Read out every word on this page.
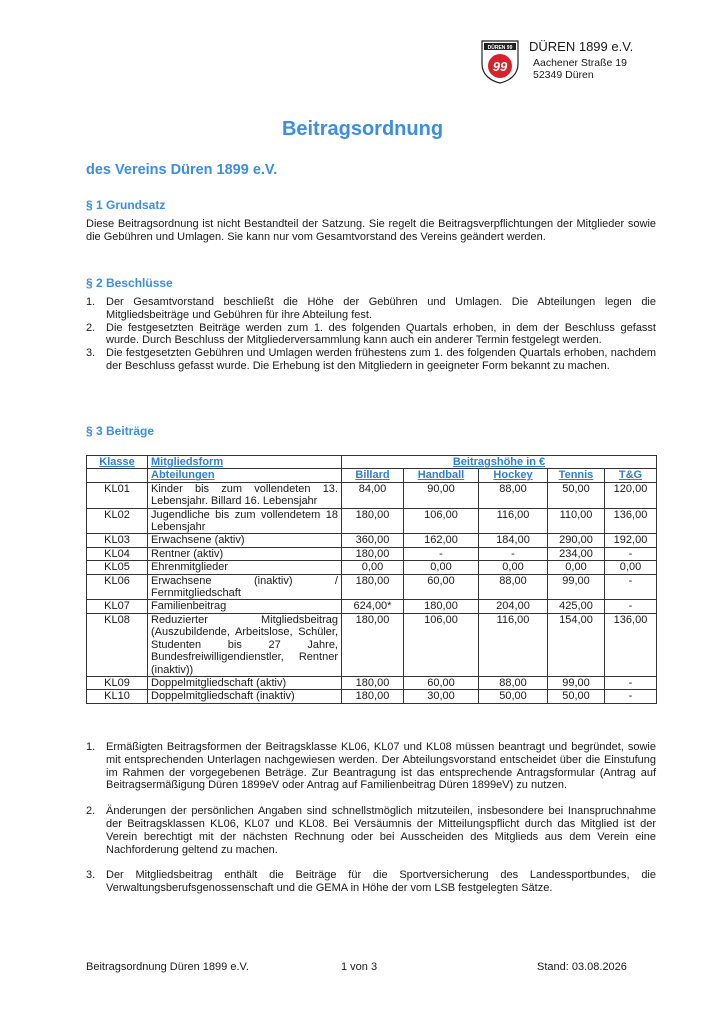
DÜREN 99
99
DÜREN 1899 e.V.
Aachener Straße 19
52349 Düren
Beitragsordnung
des Vereins Düren 1899 e.V.
§ 1 Grundsatz
Diese Beitragsordnung ist nicht Bestandteil der Satzung. Sie regelt die Beitragsverpflichtungen der Mitglieder sowie die Gebühren und Umlagen. Sie kann nur vom Gesamtvorstand des Vereins geändert werden.
§ 2 Beschlüsse
1. Der Gesamtvorstand beschließt die Höhe der Gebühren und Umlagen. Die Abteilungen legen die Mitgliedsbeiträge und Gebühren für ihre Abteilung fest.
2. Die festgesetzten Beiträge werden zum 1. des folgenden Quartals erhoben, in dem der Beschluss gefasst wurde. Durch Beschluss der Mitgliederversammlung kann auch ein anderer Termin festgelegt werden.
3. Die festgesetzten Gebühren und Umlagen werden frühestens zum 1. des folgenden Quartals erhoben, nachdem der Beschluss gefasst wurde. Die Erhebung ist den Mitgliedern in geeigneter Form bekannt zu machen.
§ 3 Beiträge
Klasse	Mitgliedsform	Beitragshöhe in €				
	Abteilungen	Billard	Handball	Hockey	Tennis	T&G
KL01	Kinder bis zum vollendeten 13. Lebensjahr. Billard 16. Lebensjahr	84,00	90,00	88,00	50,00	120,00
KL02	Jugendliche bis zum vollendetem 18 Lebensjahr	180,00	106,00	116,00	110,00	136,00
KL03	Erwachsene (aktiv)	360,00	162,00	184,00	290,00	192,00
KL04	Rentner (aktiv)	180,00	-	-	234,00	-
KL05	Ehrenmitglieder	0,00	0,00	0,00	0,00	0,00
KL06	Erwachsene (inaktiv) / Fernmitgliedschaft	180,00	60,00	88,00	99,00	-
KL07	Familienbeitrag	624,00*	180,00	204,00	425,00	-
KL08	Reduzierter Mitgliedsbeitrag (Auszubildende, Arbeitslose, Schüler, Studenten bis 27 Jahre, Bundesfreiwilligendienstler, Rentner (inaktiv))	180,00	106,00	116,00	154,00	136,00
KL09	Doppelmitgliedschaft (aktiv)	180,00	60,00	88,00	99,00	-
KL10	Doppelmitgliedschaft (inaktiv)	180,00	30,00	50,00	50,00	-
1. Ermäßigten Beitragsformen der Beitragsklasse KL06, KL07 und KL08 müssen beantragt und begründet, sowie mit entsprechenden Unterlagen nachgewiesen werden. Der Abteilungsvorstand entscheidet über die Einstufung im Rahmen der vorgegebenen Beträge. Zur Beantragung ist das entsprechende Antragsformular (Antrag auf Beitragsermäßigung Düren 1899eV oder Antrag auf Familienbeitrag Düren 1899eV) zu nutzen.
2. Änderungen der persönlichen Angaben sind schnellstmöglich mitzuteilen, insbesondere bei Inanspruchnahme der Beitragsklassen KL06, KL07 und KL08. Bei Versäumnis der Mitteilungspflicht durch das Mitglied ist der Verein berechtigt mit der nächsten Rechnung oder bei Ausscheiden des Mitglieds aus dem Verein eine Nachforderung geltend zu machen.
3. Der Mitgliedsbeitrag enthält die Beiträge für die Sportversicherung des Landessportbundes, die Verwaltungsberufsgenossenschaft und die GEMA in Höhe der vom LSB festgelegten Sätze.
Beitragsordnung Düren 1899 e.V.	1 von 3	Stand: 03.08.2026
